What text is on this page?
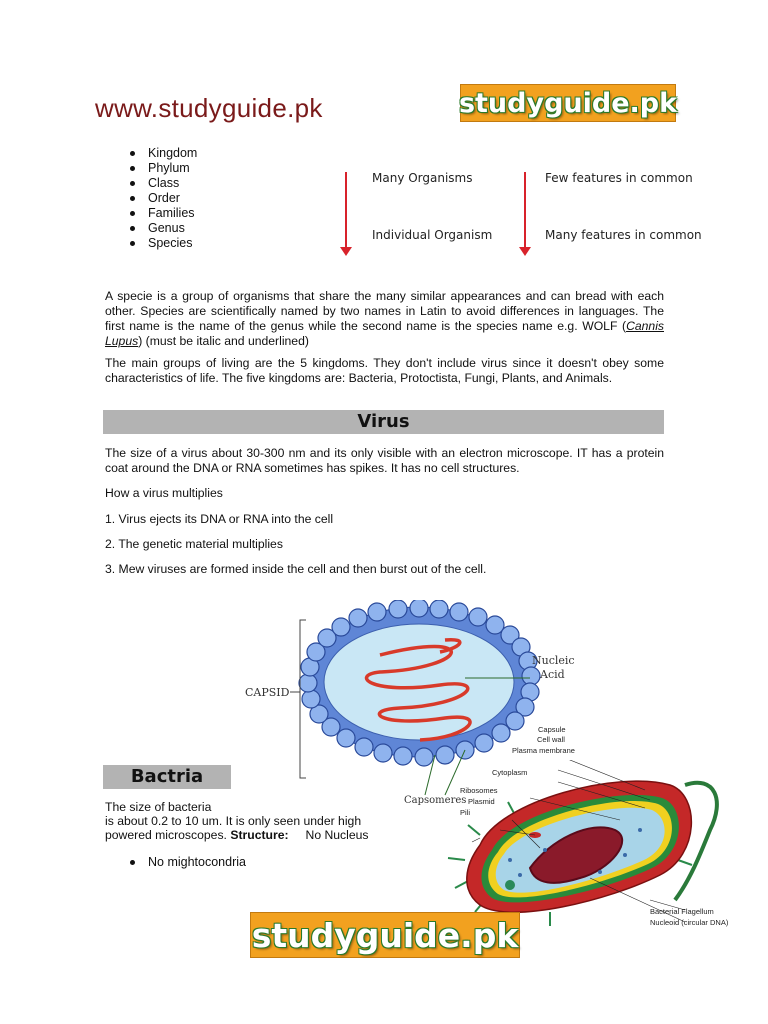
www.studyguide.pk	studyguide.pk
Kingdom
Phylum
Class
Order
Families
Genus
Species
Many Organisms
Individual Organism
Few features in common
Many features in common

A specie is a group of organisms that share the many similar appearances and can bread with each other. Species are scientifically named by two names in Latin to avoid differences in languages. The first name is the name of the genus while the second name is the species name e.g. WOLF (Cannis Lupus) (must be italic and underlined)

The main groups of living are the 5 kingdoms. They don't include virus since it doesn't obey some characteristics of life. The five kingdoms are: Bacteria, Protoctista, Fungi, Plants, and Animals.

Virus

The size of a virus about 30-300 nm and its only visible with an electron microscope. IT has a protein coat around the DNA or RNA sometimes has spikes. It has no cell structures.

How a virus multiplies

1. Virus ejects its DNA or RNA into the cell

2. The genetic material multiplies

3. Mew viruses are formed inside the cell and then burst out of the cell.

CAPSID
Nucleic
Acid
Capsomeres
Bactria

The size of bacteria

is about 0.2 to 10 um. It is only seen under high

powered microscopes. Structure: No Nucleus

No mightocondria
Capsule
Cell wall
Plasma membrane
Cytoplasm
Ribosomes
Plasmid
Pili
Bacterial Flagellum
Nucleoid (circular DNA)
studyguide.pk
